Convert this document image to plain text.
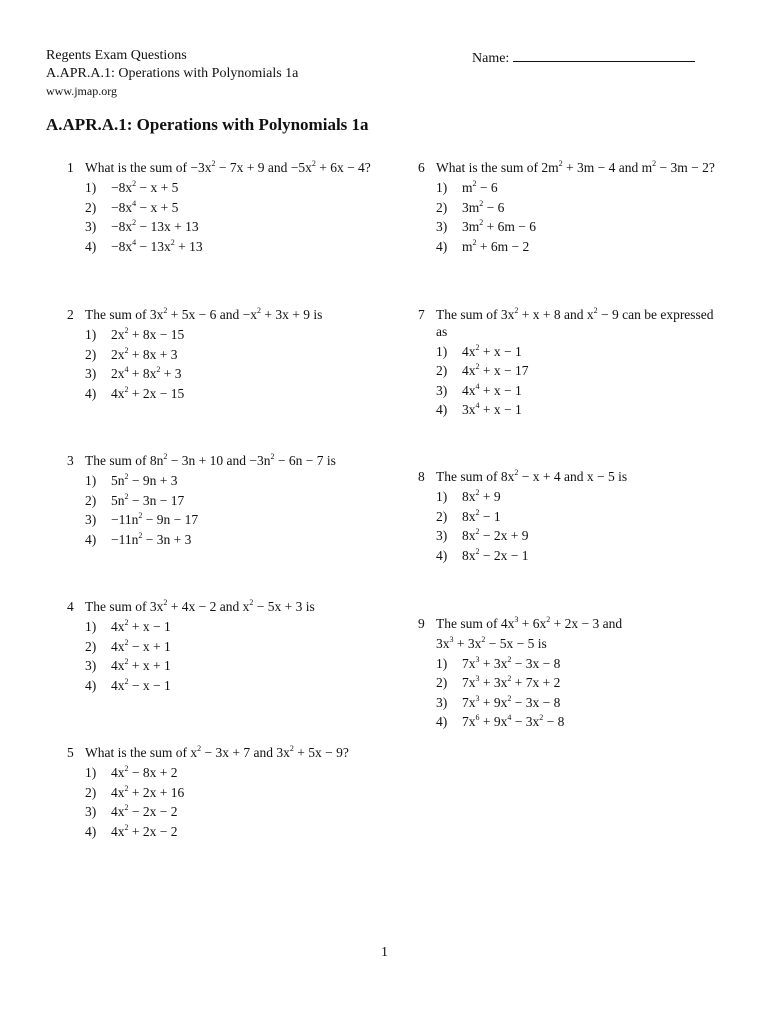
Regents Exam Questions
A.APR.A.1: Operations with Polynomials 1a
www.jmap.org
Name:
A.APR.A.1: Operations with Polynomials 1a
1 What is the sum of $-3x^2 - 7x + 9$ and $-5x^2 + 6x - 4$?
$1) -8x^2 - x + 5$
$2) -8x^4 - x + 5$
$3) -8x^2 - 13x + 13$
$4) -8x^4 - 13x^2 + 13$
2 The sum of $3x^2 + 5x - 6$ and $-x^2 + 3x + 9$ is
1) $2x^2 + 8x - 15$
2) $2x^2 + 8x + 3$
3) $2x^4 + 8x^2 + 3$
4) $4x^2 + 2x - 15$
3 The sum of $8n^2 - 3n + 10$ and $-3n^2 - 6n - 7$ is
1) $5n^2 - 9n + 3$
2) $5n^2 - 3n - 17$
$3) -11n^2 - 9n - 17$
$4) -11n^2 - 3n + 3$
4 The sum of $3x^2 + 4x - 2$ and $x^2 - 5x + 3$ is
1) $4x^2 + x - 1$
2) $4x^2 - x + 1$
3) $4x^2 + x + 1$
4) $4x^2 - x - 1$
5 What is the sum of $x^2 - 3x + 7$ and $3x^2 + 5x - 9$?
1) $4x^2 - 8x + 2$
2) $4x^2 + 2x + 16$
3) $4x^2 - 2x - 2$
4) $4x^2 + 2x - 2$
6 What is the sum of $2m^2 + 3m - 4$ and $m^2 - 3m - 2$?
1) $m^2 - 6$
2) $3m^2 - 6$
3) $3m^2 + 6m - 6$
4) $m^2 + 6m - 2$
7 The sum of $3x^2 + x + 8$ and $x^2 - 9$ can be expressed
as
1) $4x^2 + x - 1$
2) $4x^2 + x - 17$
3) $4x^4 + x - 1$
4) $3x^4 + x - 1$
8 The sum of $8x^2 - x + 4$ and x − 5 is
1) $8x^2 + 9$
2) $8x^2 - 1$
3) $8x^2 - 2x + 9$
4) $8x^2 - 2x - 1$
9 The sum of $4x^3 + 6x^2 + 2x - 3$ and
$3x^3 + 3x^2 - 5x - 5$ is
1) $7x^3 + 3x^2 - 3x - 8$
2) $7x^3 + 3x^2 + 7x + 2$
3) $7x^3 + 9x^2 - 3x - 8$
4) $7x^6 + 9x^4 - 3x^2 - 8$
1
